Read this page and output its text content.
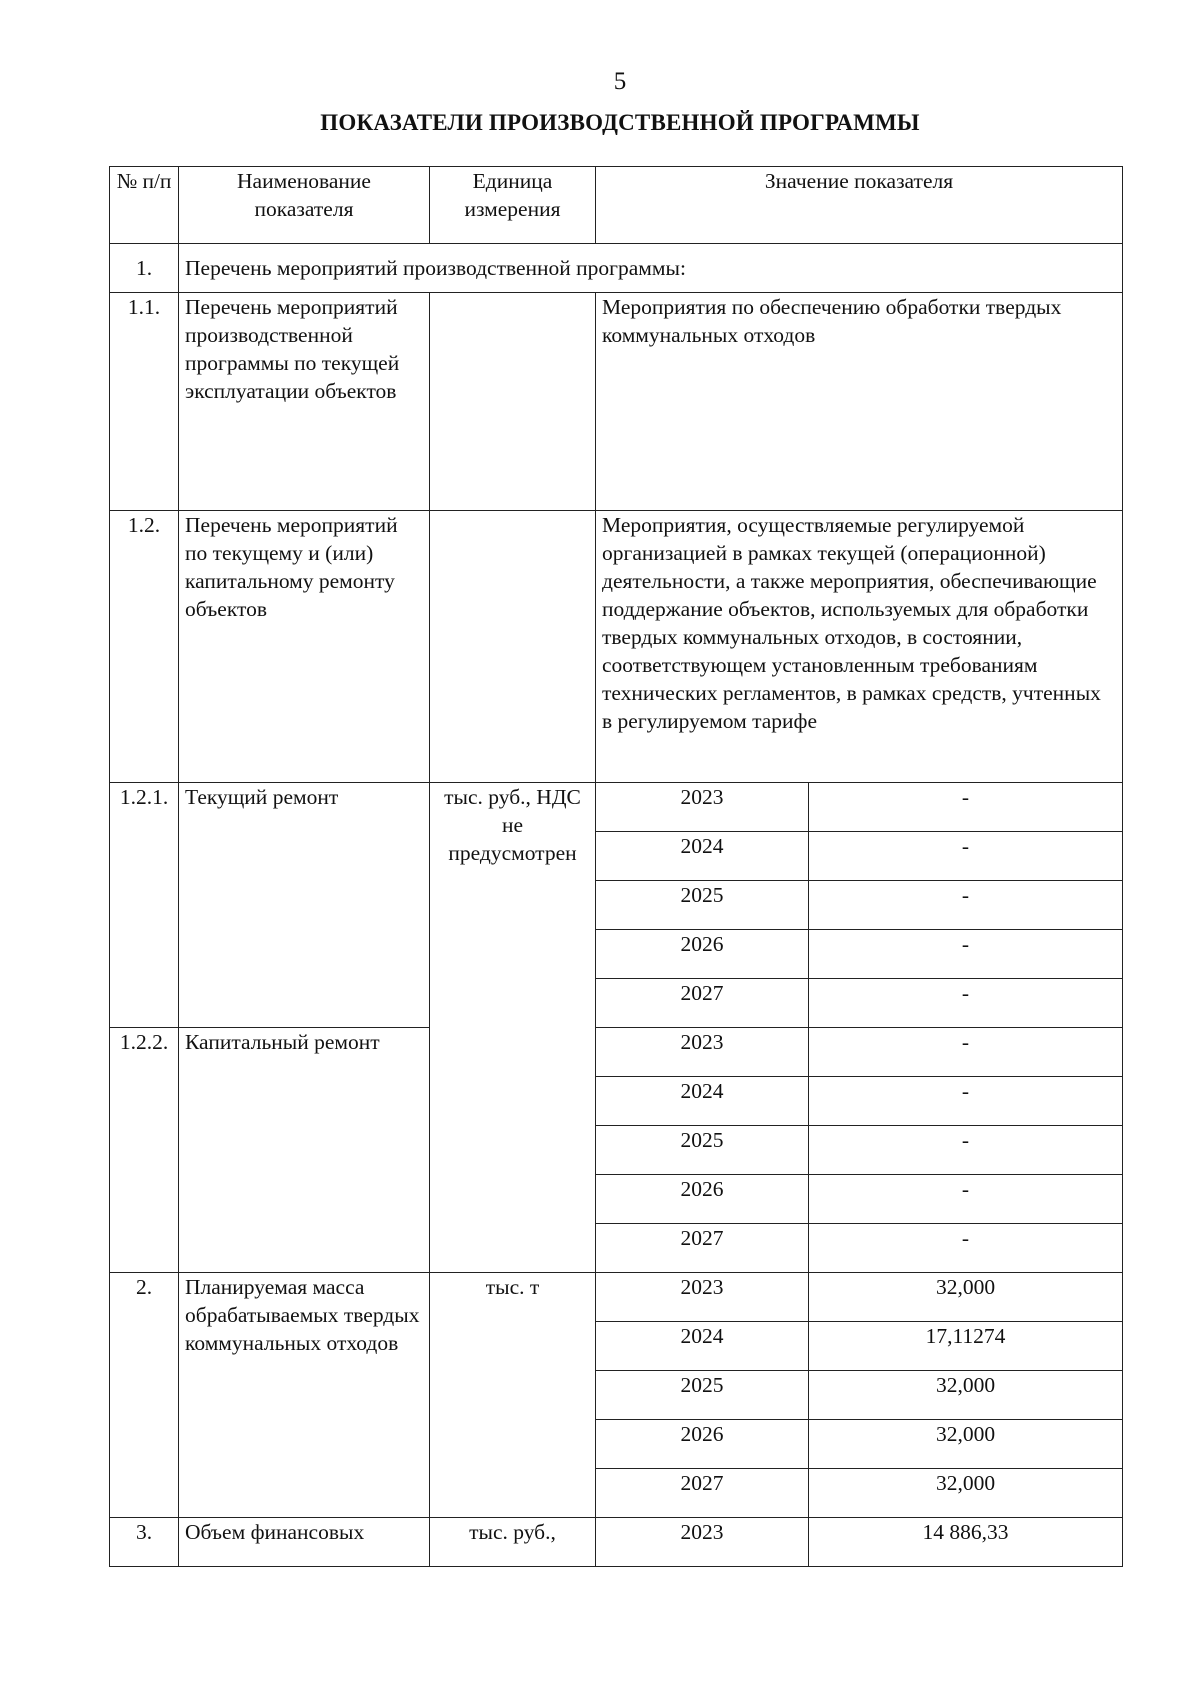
5
ПОКАЗАТЕЛИ ПРОИЗВОДСТВЕННОЙ ПРОГРАММЫ
№ п/п	Наименование показателя	Единица измерения	Значение показателя	
1.	Перечень мероприятий производственной программы:			
1.1.	Перечень мероприятий производственной программы по текущей эксплуатации объектов		Мероприятия по обеспечению обработки твердых коммунальных отходов	
1.2.	Перечень мероприятий по текущему и (или) капитальному ремонту объектов		Мероприятия, осуществляемые регулируемой организацией в рамках текущей (операционной) деятельности, а также мероприятия, обеспечивающие поддержание объектов, используемых для обработки твердых коммунальных отходов, в состоянии, соответствующем установленным требованиям технических регламентов, в рамках средств, учтенных в регулируемом тарифе	
1.2.1.	Текущий ремонт	тыс. руб., НДС не предусмотрен	2023	-
			2024	-
			2025	-
			2026	-
			2027	-
1.2.2.	Капитальный ремонт		2023	-
			2024	-
			2025	-
			2026	-
			2027	-
2.	Планируемая масса обрабатываемых твердых коммунальных отходов	тыс. т	2023	32,000
			2024	17,11274
			2025	32,000
			2026	32,000
			2027	32,000
3.	Объем финансовых	тыс. руб.,	2023	14 886,33
